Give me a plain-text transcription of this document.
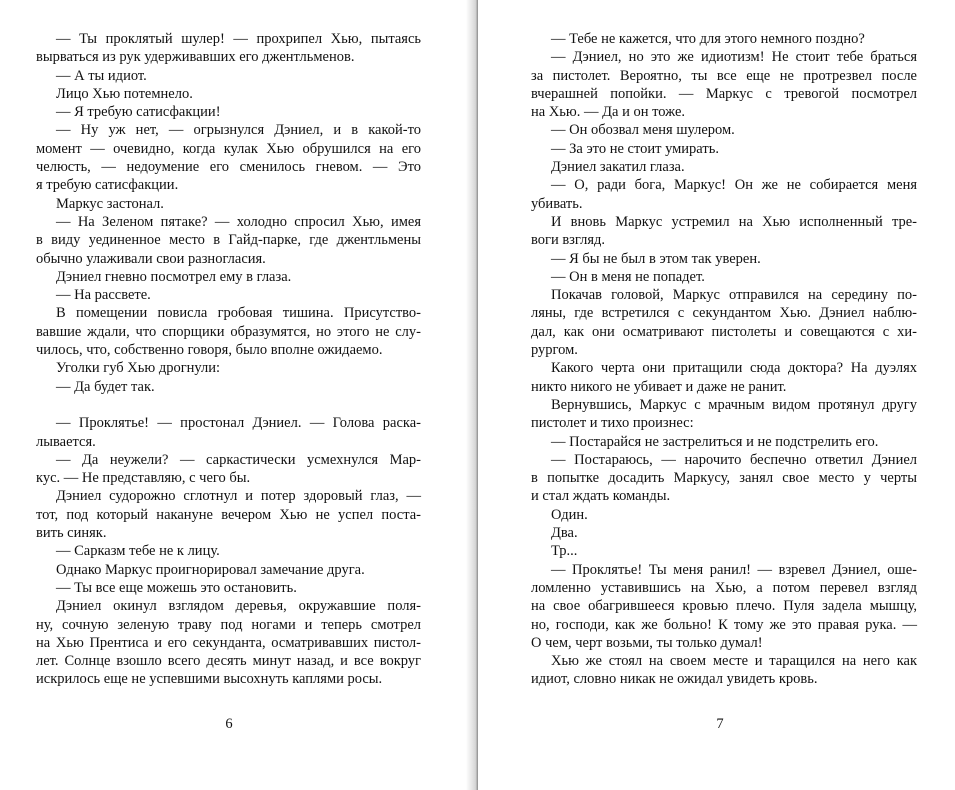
— Ты проклятый шулер! — прохрипел Хью, пытаясь
вырваться из рук удерживавших его джентльменов.
— А ты идиот.
Лицо Хью потемнело.
— Я требую сатисфакции!
— Ну уж нет, — огрызнулся Дэниел, и в какой-то
момент — очевидно, когда кулак Хью обрушился на его
челюсть, — недоумение его сменилось гневом. — Это
я требую сатисфакции.
Маркус застонал.
— На Зеленом пятаке? — холодно спросил Хью, имея
в виду уединенное место в Гайд-парке, где джентльмены
обычно улаживали свои разногласия.
Дэниел гневно посмотрел ему в глаза.
— На рассвете.
В помещении повисла гробовая тишина. Присутство-
вавшие ждали, что спорщики образумятся, но этого не слу-
чилось, что, собственно говоря, было вполне ожидаемо.
Уголки губ Хью дрогнули:
— Да будет так.
— Проклятье! — простонал Дэниел. — Голова раска-
лывается.
— Да неужели? — саркастически усмехнулся Мар-
кус. — Не представляю, с чего бы.
Дэниел судорожно сглотнул и потер здоровый глаз, —
тот, под который накануне вечером Хью не успел поста-
вить синяк.
— Сарказм тебе не к лицу.
Однако Маркус проигнорировал замечание друга.
— Ты все еще можешь это остановить.
Дэниел окинул взглядом деревья, окружавшие поля-
ну, сочную зеленую траву под ногами и теперь смотрел
на Хью Прентиса и его секунданта, осматривавших пистол-
лет. Солнце взошло всего десять минут назад, и все вокруг
искрилось еще не успевшими высохнуть каплями росы.
6
— Тебе не кажется, что для этого немного поздно?
— Дэниел, но это же идиотизм! Не стоит тебе браться
за пистолет. Вероятно, ты все еще не протрезвел после
вчерашней попойки. — Маркус с тревогой посмотрел
на Хью. — Да и он тоже.
— Он обозвал меня шулером.
— За это не стоит умирать.
Дэниел закатил глаза.
— О, ради бога, Маркус! Он же не собирается меня
убивать.
И вновь Маркус устремил на Хью исполненный тре-
воги взгляд.
— Я бы не был в этом так уверен.
— Он в меня не попадет.
Покачав головой, Маркус отправился на середину по-
ляны, где встретился с секундантом Хью. Дэниел наблю-
дал, как они осматривают пистолеты и совещаются с хи-
рургом.
Какого черта они притащили сюда доктора? На дуэлях
никто никого не убивает и даже не ранит.
Вернувшись, Маркус с мрачным видом протянул другу
пистолет и тихо произнес:
— Постарайся не застрелиться и не подстрелить его.
— Постараюсь, — нарочито беспечно ответил Дэниел
в попытке досадить Маркусу, занял свое место у черты
и стал ждать команды.
Один.
Два.
Тр...
— Проклятье! Ты меня ранил! — взревел Дэниел, оше-
ломленно уставившись на Хью, а потом перевел взгляд
на свое обагрившееся кровью плечо. Пуля задела мышцу,
но, господи, как же больно! К тому же это правая рука. —
О чем, черт возьми, ты только думал!
Хью же стоял на своем месте и таращился на него как
идиот, словно никак не ожидал увидеть кровь.
7
